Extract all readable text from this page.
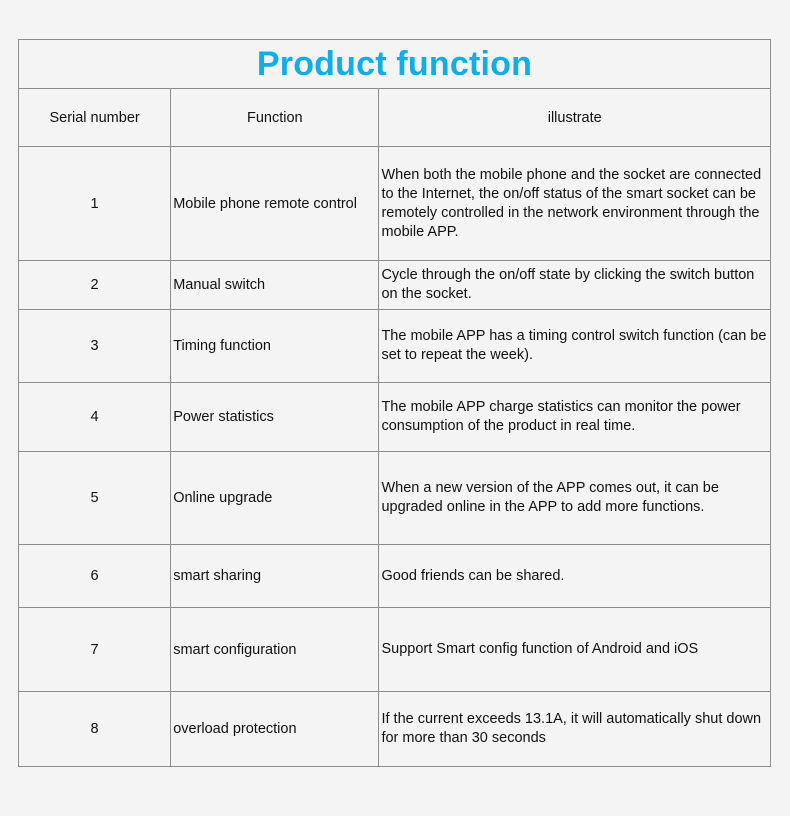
Product function		
Serial number	Function	illustrate
1	Mobile phone remote control	When both the mobile phone and the socket are connected to the Internet, the on/off status of the smart socket can be remotely controlled in the network environment through the mobile APP.
2	Manual switch	Cycle through the on/off state by clicking the switch button on the socket.
3	Timing function	The mobile APP has a timing control switch function (can be set to repeat the week).
4	Power statistics	The mobile APP charge statistics can monitor the power consumption of the product in real time.
5	Online upgrade	When a new version of the APP comes out, it can be upgraded online in the APP to add more functions.
6	smart sharing	Good friends can be shared.
7	smart configuration	Support Smart config function of Android and iOS
8	overload protection	If the current exceeds 13.1A, it will automatically shut down for more than 30 seconds
